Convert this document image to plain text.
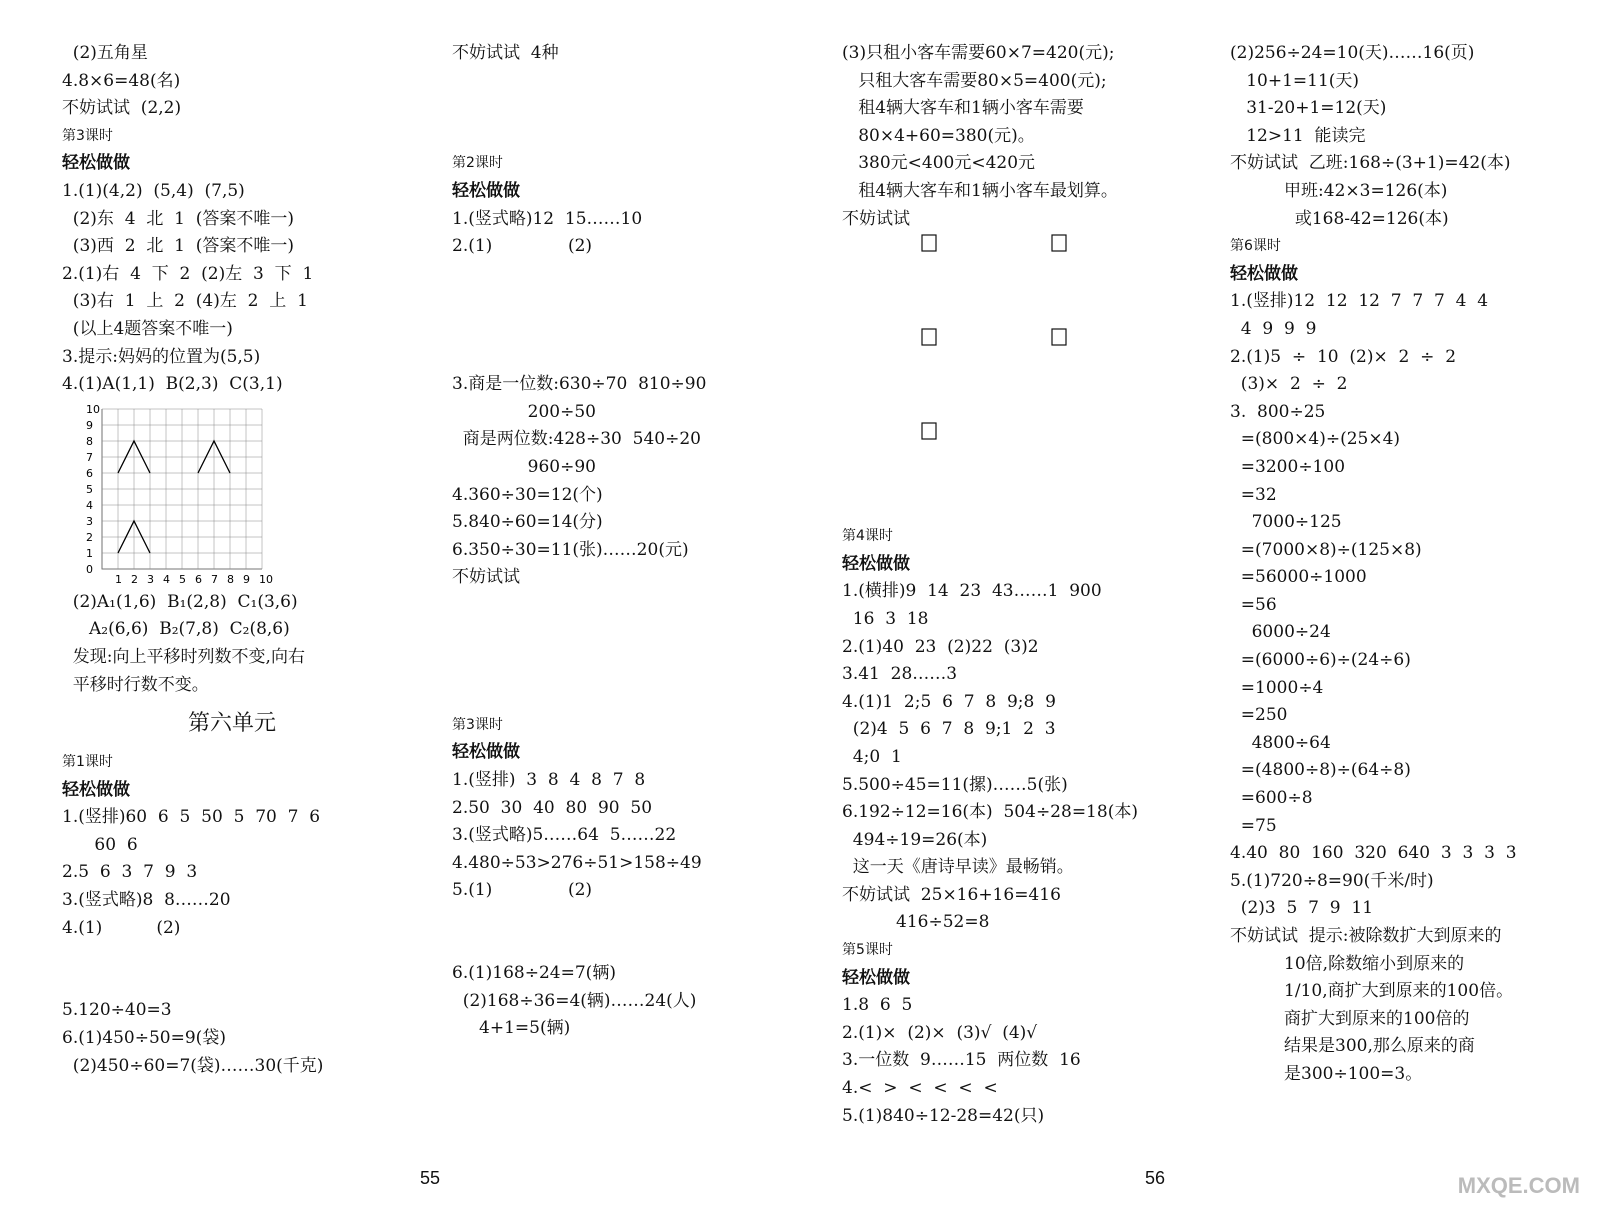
(2)五角星
4.8×6=48(名)
不妨试试  (2,2)
第3课时
轻松做做
1.(1)(4,2)  (5,4)  (7,5)
(2)东  4  北  1  (答案不唯一)
(3)西  2  北  1  (答案不唯一)
2.(1)右  4  下  2  (2)左  3  下  1
(3)右  1  上  2  (4)左  2  上  1
(以上4题答案不唯一)
3.提示:妈妈的位置为(5,5)
4.(1)A(1,1)  B(2,3)  C(3,1)
0
1
1
2
2
3
3
4
4
5
5
6
6
7
7
8
8
9
9
10
10
(2)A₁(1,6)  B₁(2,8)  C₁(3,6)
A₂(6,6)  B₂(7,8)  C₂(8,6)
发现:向上平移时列数不变,向右
平移时行数不变。
第六单元
第1课时
轻松做做
1.(竖排)60  6  5  50  5  70  7  6
60  6
2.5  6  3  7  9  3
3.(竖式略)8  8……20
4.(1)          (2)
5.120÷40=3
6.(1)450÷50=9(袋)
(2)450÷60=7(袋)……30(千克)
不妨试试  4种
第2课时
轻松做做
1.(竖式略)12  15……10
2.(1)              (2)
3.商是一位数:630÷70  810÷90
200÷50
商是两位数:428÷30  540÷20
960÷90
4.360÷30=12(个)
5.840÷60=14(分)
6.350÷30=11(张)……20(元)
不妨试试
第3课时
轻松做做
1.(竖排)  3  8  4  8  7  8
2.50  30  40  80  90  50
3.(竖式略)5……64  5……22
4.480÷53>276÷51>158÷49
5.(1)              (2)
6.(1)168÷24=7(辆)
(2)168÷36=4(辆)……24(人)
4+1=5(辆)
(3)只租小客车需要60×7=420(元);
只租大客车需要80×5=400(元);
租4辆大客车和1辆小客车需要
80×4+60=380(元)。
380元<400元<420元
租4辆大客车和1辆小客车最划算。
不妨试试
第4课时
轻松做做
1.(横排)9  14  23  43……1  900
16  3  18
2.(1)40  23  (2)22  (3)2
3.41  28……3
4.(1)1  2;5  6  7  8  9;8  9
(2)4  5  6  7  8  9;1  2  3
4;0  1
5.500÷45=11(摞)……5(张)
6.192÷12=16(本)  504÷28=18(本)
494÷19=26(本)
这一天《唐诗早读》最畅销。
不妨试试  25×16+16=416
416÷52=8
第5课时
轻松做做
1.8  6  5
2.(1)×  (2)×  (3)√  (4)√
3.一位数  9……15  两位数  16
4.<  >  <  <  <  <
5.(1)840÷12-28=42(只)
(2)256÷24=10(天)……16(页)
10+1=11(天)
31-20+1=12(天)
12>11  能读完
不妨试试  乙班:168÷(3+1)=42(本)
甲班:42×3=126(本)
或168-42=126(本)
第6课时
轻松做做
1.(竖排)12  12  12  7  7  7  4  4
4  9  9  9
2.(1)5  ÷  10  (2)×  2  ÷  2
(3)×  2  ÷  2
3.  800÷25
=(800×4)÷(25×4)
=3200÷100
=32
7000÷125
=(7000×8)÷(125×8)
=56000÷1000
=56
6000÷24
=(6000÷6)÷(24÷6)
=1000÷4
=250
4800÷64
=(4800÷8)÷(64÷8)
=600÷8
=75
4.40  80  160  320  640  3  3  3  3
5.(1)720÷8=90(千米/时)
(2)3  5  7  9  11
不妨试试  提示:被除数扩大到原来的
10倍,除数缩小到原来的
1/10,商扩大到原来的100倍。
商扩大到原来的100倍的
结果是300,那么原来的商
是300÷100=3。
55	56	MXQE.COM
